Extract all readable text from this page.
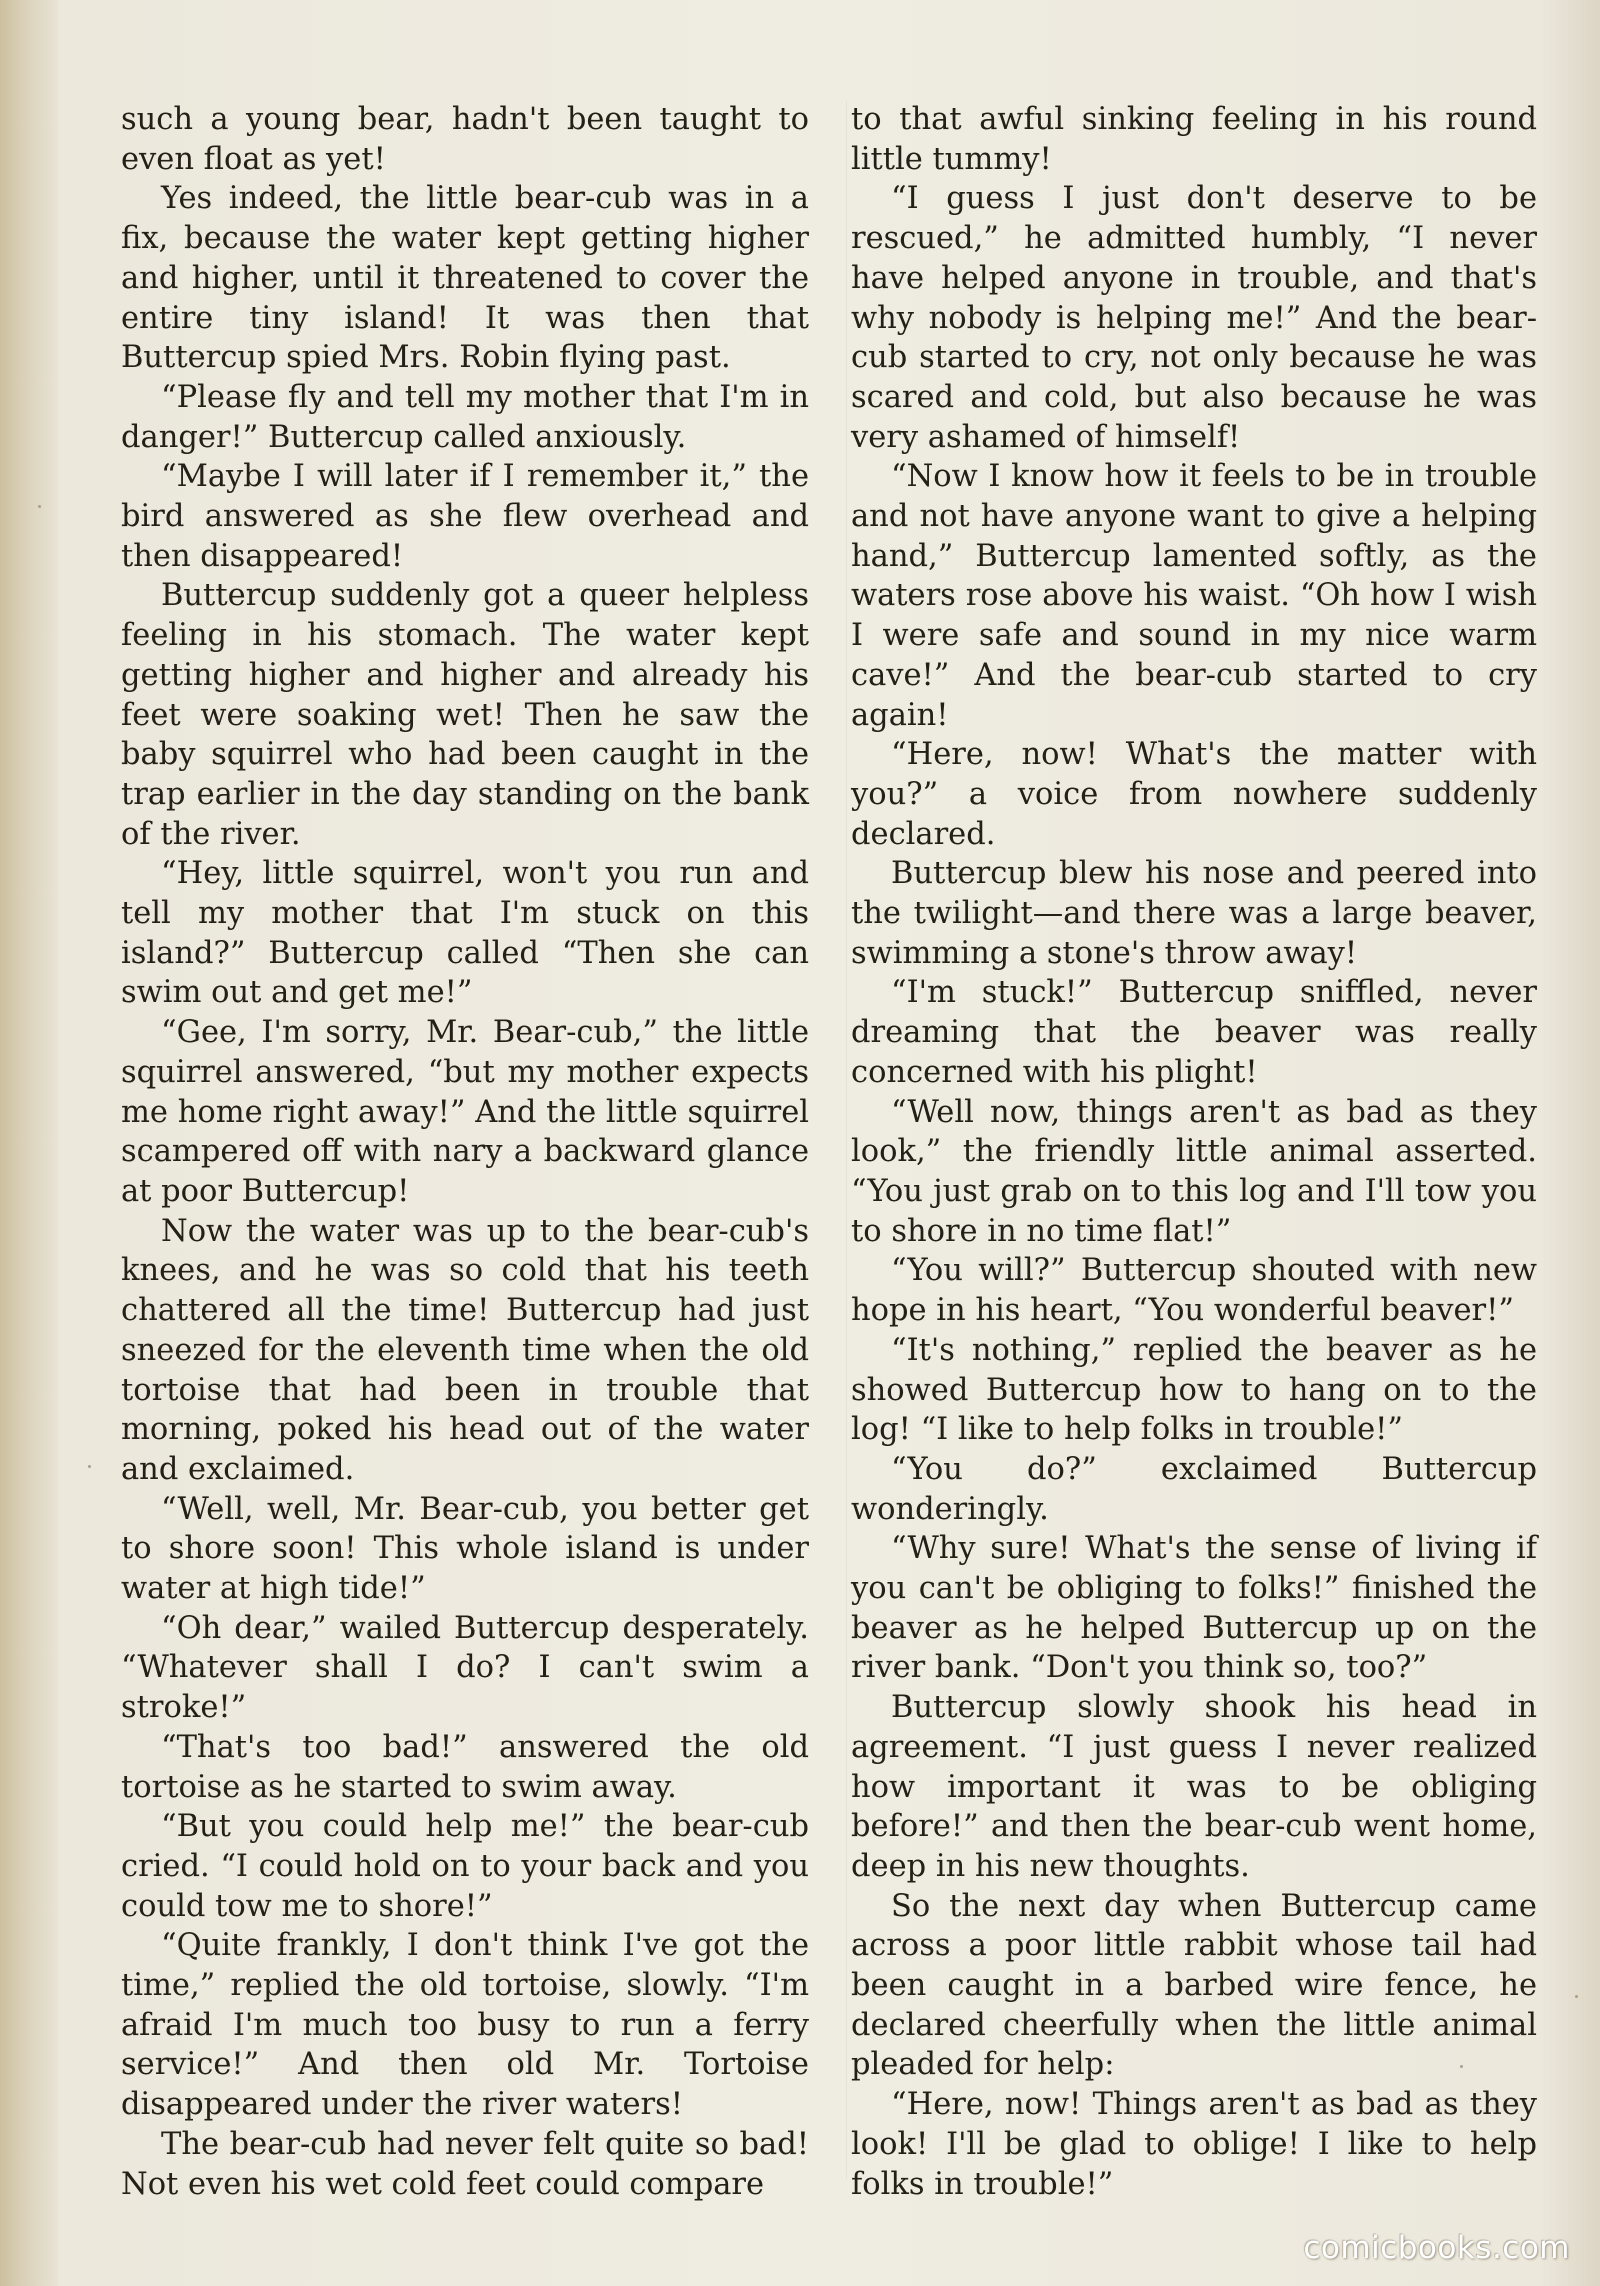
such a young bear, hadn't been taught to even float as yet!

Yes indeed, the little bear-cub was in a fix, because the water kept getting higher and higher, until it threatened to cover the entire tiny island! It was then that Buttercup spied Mrs. Robin flying past.

“Please fly and tell my mother that I'm in danger!” Buttercup called anxiously.

“Maybe I will later if I remember it,” the bird answered as she flew overhead and then disappeared!

Buttercup suddenly got a queer helpless feeling in his stomach. The water kept getting higher and higher and already his feet were soaking wet! Then he saw the baby squirrel who had been caught in the trap earlier in the day standing on the bank of the river.

“Hey, little squirrel, won't you run and tell my mother that I'm stuck on this island?” Buttercup called “Then she can swim out and get me!”

“Gee, I'm sorry, Mr. Bear-cub,” the little squirrel answered, “but my mother expects me home right away!” And the little squirrel scampered off with nary a backward glance at poor Buttercup!

Now the water was up to the bear-cub's knees, and he was so cold that his teeth chattered all the time! Buttercup had just sneezed for the eleventh time when the old tortoise that had been in trouble that morning, poked his head out of the water and exclaimed.

“Well, well, Mr. Bear-cub, you better get to shore soon! This whole island is under water at high tide!”

“Oh dear,” wailed Buttercup desperately. “Whatever shall I do? I can't swim a stroke!”

“That's too bad!” answered the old tortoise as he started to swim away.

“But you could help me!” the bear-cub cried. “I could hold on to your back and you could tow me to shore!”

“Quite frankly, I don't think I've got the time,” replied the old tortoise, slowly. “I'm afraid I'm much too busy to run a ferry service!” And then old Mr. Tortoise disappeared under the river waters!

The bear-cub had never felt quite so bad! Not even his wet cold feet could compare

to that awful sinking feeling in his round little tummy!

“I guess I just don't deserve to be rescued,” he admitted humbly, “I never have helped anyone in trouble, and that's why nobody is helping me!” And the bear-cub started to cry, not only because he was scared and cold, but also because he was very ashamed of himself!

“Now I know how it feels to be in trouble and not have anyone want to give a helping hand,” Buttercup lamented softly, as the waters rose above his waist. “Oh how I wish I were safe and sound in my nice warm cave!” And the bear-cub started to cry again!

“Here, now! What's the matter with you?” a voice from nowhere suddenly declared.

Buttercup blew his nose and peered into the twilight—and there was a large beaver, swimming a stone's throw away!

“I'm stuck!” Buttercup sniffled, never dreaming that the beaver was really concerned with his plight!

“Well now, things aren't as bad as they look,” the friendly little animal asserted. “You just grab on to this log and I'll tow you to shore in no time flat!”

“You will?” Buttercup shouted with new hope in his heart, “You wonderful beaver!”

“It's nothing,” replied the beaver as he showed Buttercup how to hang on to the log! “I like to help folks in trouble!”

“You do?” exclaimed Buttercup wonderingly.

“Why sure! What's the sense of living if you can't be obliging to folks!” finished the beaver as he helped Buttercup up on the river bank. “Don't you think so, too?”

Buttercup slowly shook his head in agreement. “I just guess I never realized how important it was to be obliging before!” and then the bear-cub went home, deep in his new thoughts.

So the next day when Buttercup came across a poor little rabbit whose tail had been caught in a barbed wire fence, he declared cheerfully when the little animal pleaded for help:

“Here, now! Things aren't as bad as they look! I'll be glad to oblige! I like to help folks in trouble!”

comicbooks.com
